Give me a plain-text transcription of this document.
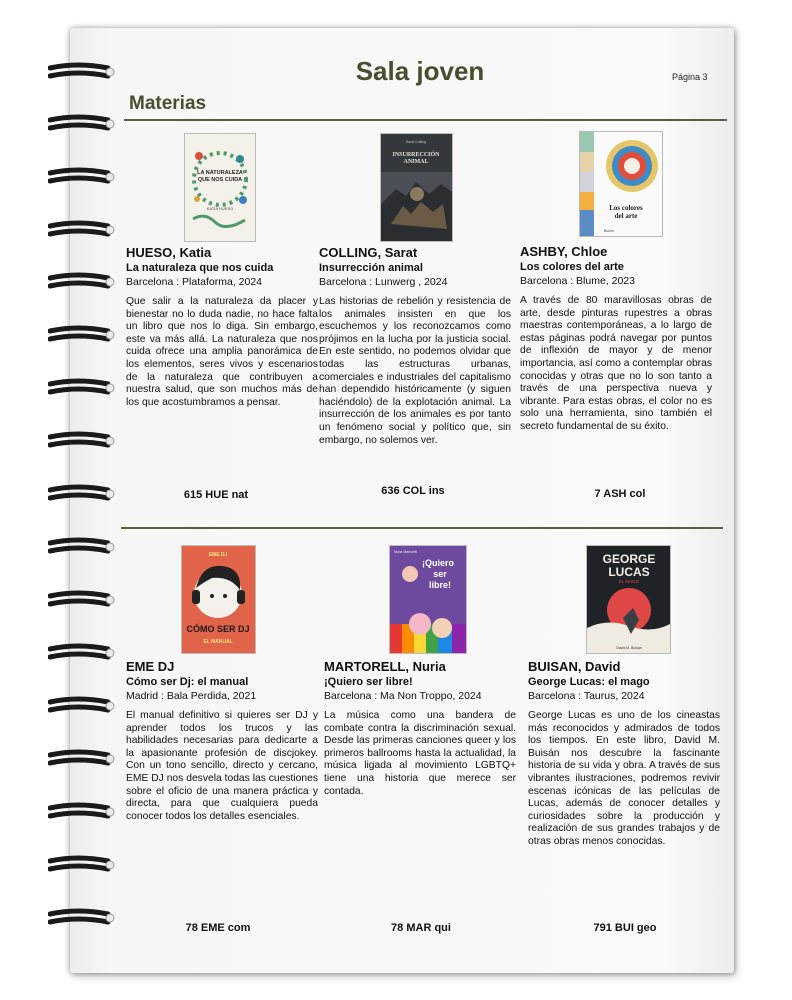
Sala joven	Página 3
Materias
LA NATURALEZA
QUE NOS CUIDA
KATIA HUESO

HUESO, Katia

La naturaleza que nos cuida

Barcelona : Plataforma, 2024

Que salir a la naturaleza da placer y bienestar no lo duda nadie, no hace falta un libro que nos lo diga. Sin embargo, este va más allá. La naturaleza que nos cuida ofrece una amplia panorámica de los elementos, seres vivos y escenarios de la naturaleza que contribuyen a nuestra salud, que son muchos más de los que acostumbramos a pensar.

615 HUE nat
INSURRECCIÓN
ANIMAL
Sarat Colling

COLLING, Sarat

Insurrección animal

Barcelona : Lunwerg , 2024

Las historias de rebelión y resistencia de los animales insisten en que los escuchemos y los reconozcamos como prójimos en la lucha por la justicia social. En este sentido, no podemos olvidar que todas las estructuras urbanas, comerciales e industriales del capitalismo han dependido históricamente (y siguen haciéndolo) de la explotación animal. La insurrección de los animales es por tanto un fenómeno social y político que, sin embargo, no solemos ver.

636 COL ins
Los colores
del arte
Blume

ASHBY, Chloe

Los colores del arte

Barcelona : Blume, 2023

A través de 80 maravillosas obras de arte, desde pinturas rupestres a obras maestras contemporáneas, a lo largo de estas páginas podrá navegar por puntos de inflexión de mayor y de menor importancia, así como a contemplar obras conocidas y otras que no lo son tanto a través de una perspectiva nueva y vibrante. Para estas obras, el color no es solo una herramienta, sino también el secreto fundamental de su éxito.

7 ASH col
EME DJ
CÓMO SER DJ
EL MANUAL

EME DJ

Cómo ser Dj: el manual

Madrid : Bala Perdida, 2021

El manual definitivo si quieres ser DJ y aprender todos los trucos y las habilidades necesarias para dedicarte a la apasionante profesión de discjokey. Con un tono sencillo, directo y cercano, EME DJ nos desvela todas las cuestiones sobre el oficio de una manera práctica y directa, para que cualquiera pueda conocer todos los detalles esenciales.

78 EME com
¡Quiero
ser
libre!
Nuria Martorell

MARTORELL, Nuria

¡Quiero ser libre!

Barcelona : Ma Non Troppo, 2024

La música como una bandera de combate contra la discriminación sexual. Desde las primeras canciones queer y los primeros ballrooms hasta la actualidad, la música ligada al movimiento LGBTQ+ tiene una historia que merece ser contada.

78 MAR qui
GEORGE
LUCAS
EL MAGO
David M. Buisán

BUISAN, David

George Lucas: el mago

Barcelona : Taurus, 2024

George Lucas es uno de los cineastas más reconocidos y admirados de todos los tiempos. En este libro, David M. Buisán nos descubre la fascinante historia de su vida y obra. A través de sus vibrantes ilustraciones, podremos revivir escenas icónicas de las películas de Lucas, además de conocer detalles y curiosidades sobre la producción y realización de sus grandes trabajos y de otras obras menos conocidas.

791 BUI geo
